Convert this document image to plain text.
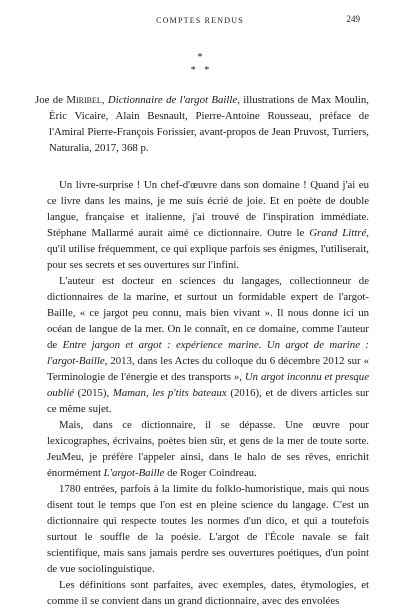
COMPTES RENDUS	249
*
* *
Joe de Miribel, Dictionnaire de l'argot Baille, illustrations de Max Moulin, Éric Vicaire, Alain Besnault, Pierre-Antoine Rousseau, préface de l'Amiral Pierre-François Forissier, avant-propos de Jean Pruvost, Turriers, Naturalia, 2017, 368 p.

Un livre-surprise ! Un chef-d'œuvre dans son domaine ! Quand j'ai eu ce livre dans les mains, je me suis écrié de joie. Et en poète de double langue, française et italienne, j'ai trouvé de l'inspiration immédiate. Stéphane Mallarmé aurait aimé ce dictionnaire. Outre le Grand Littré, qu'il utilise fréquemment, ce qui explique parfois ses énigmes, l'utiliserait, pour ses secrets et ses ouvertures sur l'infini.

L'auteur est docteur en sciences du langages, collectionneur de dictionnaires de la marine, et surtout un formidable expert de l'argot-Baille, « ce jargot peu connu, mais bien vivant ». Il nous donne ici un océan de langue de la mer. On le connaît, en ce domaine, comme l'auteur de Entre jargon et argot : expérience marine. Un argot de marine : l'argot-Baille, 2013, dans les Actes du colloque du 6 décembre 2012 sur « Terminologie de l'énergie et des transports », Un argot inconnu et presque oublié (2015), Maman, les p'tits bateaux (2016), et de divers articles sur ce même sujet.

Mais, dans ce dictionnaire, il se dépasse. Une œuvre pour lexicographes, écrivains, poètes bien sûr, et gens de la mer de toute sorte. JeuMeu, je préfère l'appeler ainsi, dans le halo de ses rêves, enrichit énormément L'argot-Baille de Roger Coindreau.

1780 entrées, parfois à la limite du folklo-humoristique, mais qui nous disent tout le temps que l'on est en pleine science du langage. C'est un dictionnaire qui respecte toutes les normes d'un dico, et qui a toutefois surtout le souffle de la poésie. L'argot de l'École navale se fait scientifique, mais sans jamais perdre ses ouvertures poétiques, d'un point de vue sociolinguistique.

Les définitions sont parfaites, avec exemples, dates, étymologies, et comme il se convient dans un grand dictionnaire, avec des envolées
